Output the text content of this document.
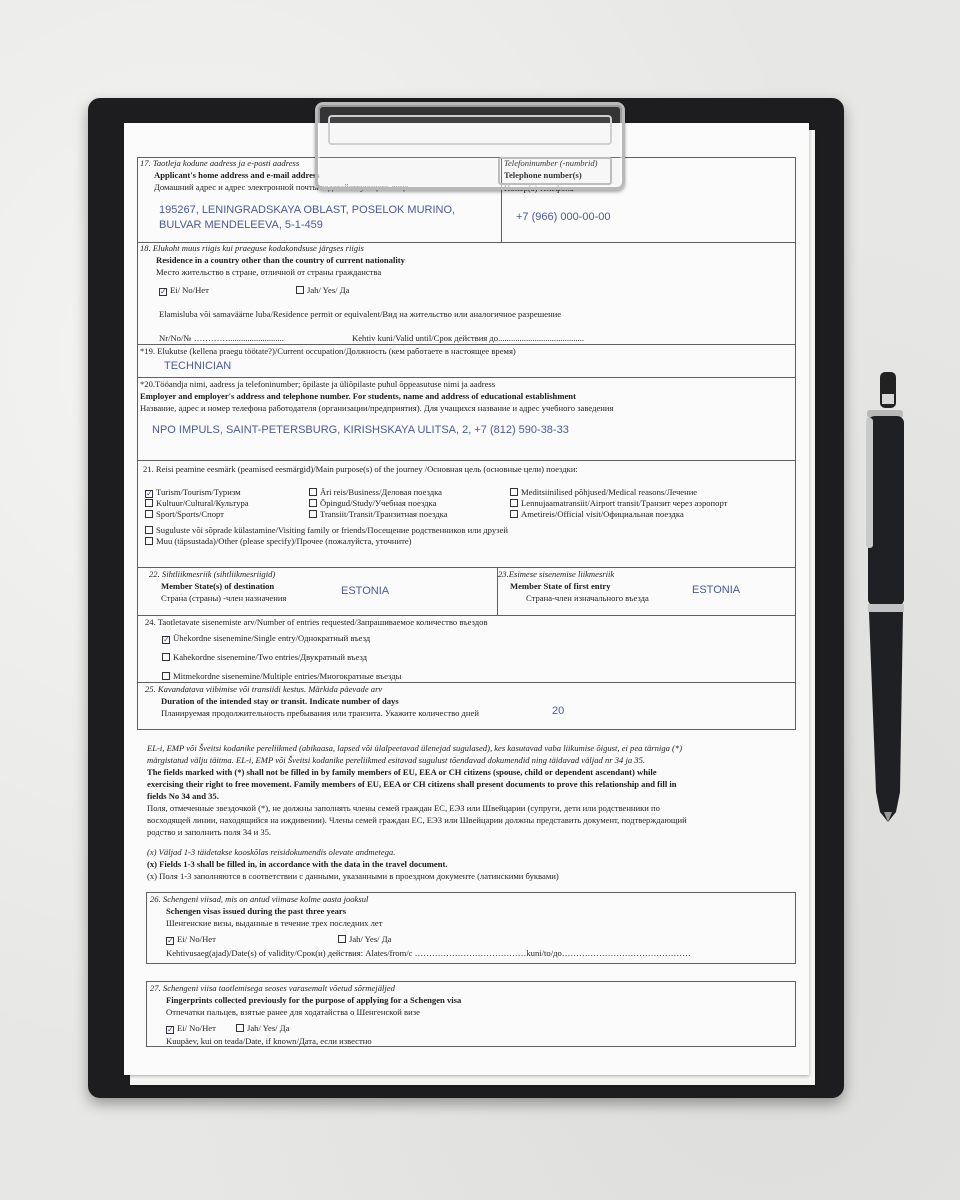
17. Taotleja kodune aadress ja e-posti aadress
Applicant's home address and e-mail address
Домашний адрес и адрес электронной почты ходатайствующего лица
195267, LENINGRADSKAYA OBLAST, POSELOK MURINO,
BULVAR MENDELEEVA, 5-1-459
Telefoninumber (-numbrid)
Telephone number(s)
Номер(а) телефона
+7 (966) 000-00-00
18. Elukoht muus riigis kui praeguse kodakondsuse järgses riigis
Residence in a country other than the country of current nationality
Место жительство в стране, отличной от страны гражданства
✓ Ei/ No/Нет	Jah/ Yes/ Да
Elamisluba või samaväärne luba/Residence permit or equivalent/Вид на жительство или аналогичное разрешение
Nr/No/№ …………..........................	Kehtiv kuni/Valid until/Срок действия до........................................
*19. Elukutse (kellena praegu töötate?)/Current occupation/Должность (кем работаете в настоящее время)
TECHNICIAN
*20.Tööandja nimi, aadress ja telefoninumber; õpilaste ja üliõpilaste puhul õppeasutuse nimi ja aadress
Employer and employer's address and telephone number. For students, name and address of educational establishment
Название, адрес и номер телефона работодателя (организации/предприятия). Для учащихся название и адрес учебного заведения
NPO IMPULS, SAINT-PETERSBURG, KIRISHSKAYA ULITSA, 2, +7 (812) 590-38-33
21. Reisi peamine eesmärk (peamised eesmärgid)/Main purpose(s) of the journey /Основная цель (основные цели) поездки:
✓ Turism/Tourism/Туризм
Kultuur/Cultural/Культура
Sport/Sports/Спорт
Äri reis/Business/Деловая поездка
Õpingud/Study/Учебная поездка
Transiit/Transit/Транзитная поездка
Meditsiinilised põhjused/Medical reasons/Лечение
Lennujaamatransiit/Airport transit/Транзит через аэропорт
Ametireis/Official visit/Официальная поездка
Suguluste või sõprade külastamine/Visiting family or friends/Посещение родственников или друзей
Muu (täpsustada)/Other (please specify)/Прочее (пожалуйста, уточните)
22. Sihtliikmesriik (sihtliikmesriigid)
Member State(s) of destination
Страна (страны) -член назначения
ESTONIA
23.Esimese sisenemise liikmesriik
Member State of first entry
Страна-член изначального въезда
ESTONIA
24. Taotletavate sisenemiste arv/Number of entries requested/Запрашиваемое количество въездов
✓ Ühekordne sisenemine/Single entry/Однократный въезд
Kahekordne sisenemine/Two entries/Двукратный въезд
Mitmekordne sisenemine/Multiple entries/Многократные въезды
25. Kavandatava viibimise või transiidi kestus. Märkida päevade arv
Duration of the intended stay or transit. Indicate number of days
Планируемая продолжительность пребывания или транзита. Укажите количество дней	20
EL-i, EMP või Šveitsi kodanike pereliikmed (abikaasa, lapsed või ülalpeetavad ülenejad sugulased), kes kasutavad vaba liikumise õigust, ei pea tärniga (*)
märgistatud välju täitma. EL-i, EMP või Šveitsi kodanike pereliikmed esitavad sugulust tõendavad dokumendid ning täidavad väljad nr 34 ja 35.
The fields marked with (*) shall not be filled in by family members of EU, EEA or CH citizens (spouse, child or dependent ascendant) while
exercising their right to free movement. Family members of EU, EEA or CH citizens shall present documents to prove this relationship and fill in
fields No 34 and 35.
Поля, отмеченные звездочкой (*), не должны заполнять члены семей граждан ЕС, ЕЭЗ или Швейцарии (супруги, дети или родственники по
восходящей линии, находящийся на иждивении). Члены семей граждан ЕС, ЕЭЗ или Швейцарии должны представить документ, подтверждающий
родство и заполнить поля 34 и 35.
(x) Väljad 1-3 täidetakse kooskõlas reisidokumendis olevate andmetega.
(x) Fields 1-3 shall be filled in, in accordance with the data in the travel document.
(x) Поля 1-3 заполняются в соответствии с данными, указанными в проездном документе (латинскими буквами)
26. Schengeni viisad, mis on antud viimase kolme aasta jooksul
Schengen visas issued during the past three years
Шенгенские визы, выданные в течение трех последних лет
✓ Ei/ No/Нет	Jah/ Yes/ Да
Kehtivusaeg(ajad)/Date(s) of validity/Срок(и) действия: Alates/from/с …………………………………kuni/to/до………………………………………
27. Schengeni viisa taotlemisega seoses varasemalt võetud sõrmejäljed
Fingerprints collected previously for the purpose of applying for a Schengen visa
Отпечатки пальцев, взятые ранее для ходатайства о Шенгенской визе
✓ Ei/ No/Нет	Jah/ Yes/ Да
Kuupäev, kui on teada/Date, if known/Дата, если известно
